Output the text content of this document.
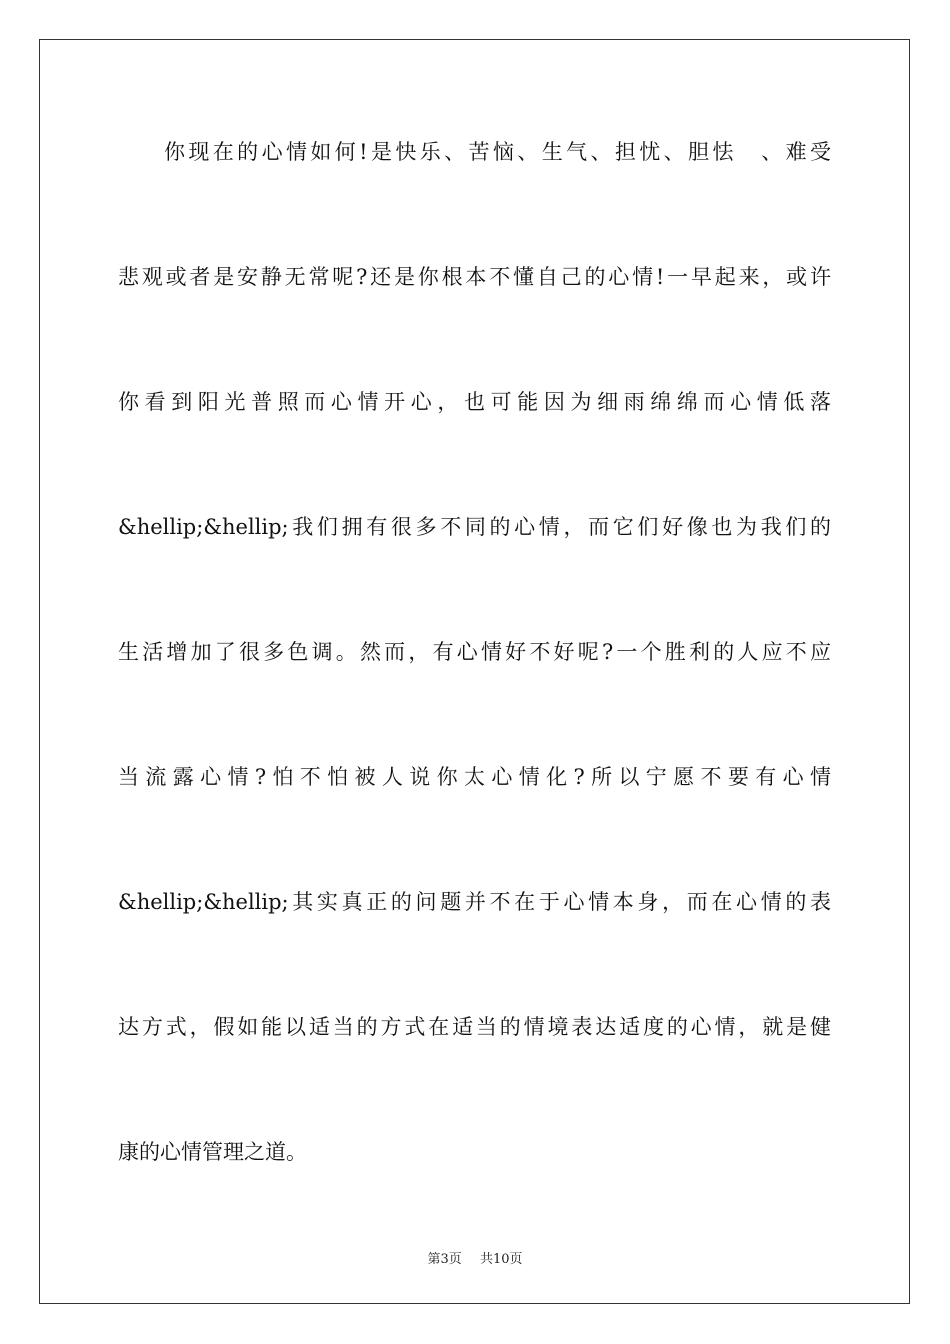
你现在的心情如何!是快乐、苦恼、生气、担忧、胆怯　、难受
悲观或者是安静无常呢?还是你根本不懂自己的心情!一早起来，或许
你看到阳光普照而心情开心，也可能因为细雨绵绵而心情低落
&hellip;&hellip;我们拥有很多不同的心情，而它们好像也为我们的
生活增加了很多色调。然而，有心情好不好呢?一个胜利的人应不应
当流露心情?怕不怕被人说你太心情化?所以宁愿不要有心情
&hellip;&hellip;其实真正的问题并不在于心情本身，而在心情的表
达方式，假如能以适当的方式在适当的情境表达适度的心情，就是健
康的心情管理之道。
第3页 共10页
